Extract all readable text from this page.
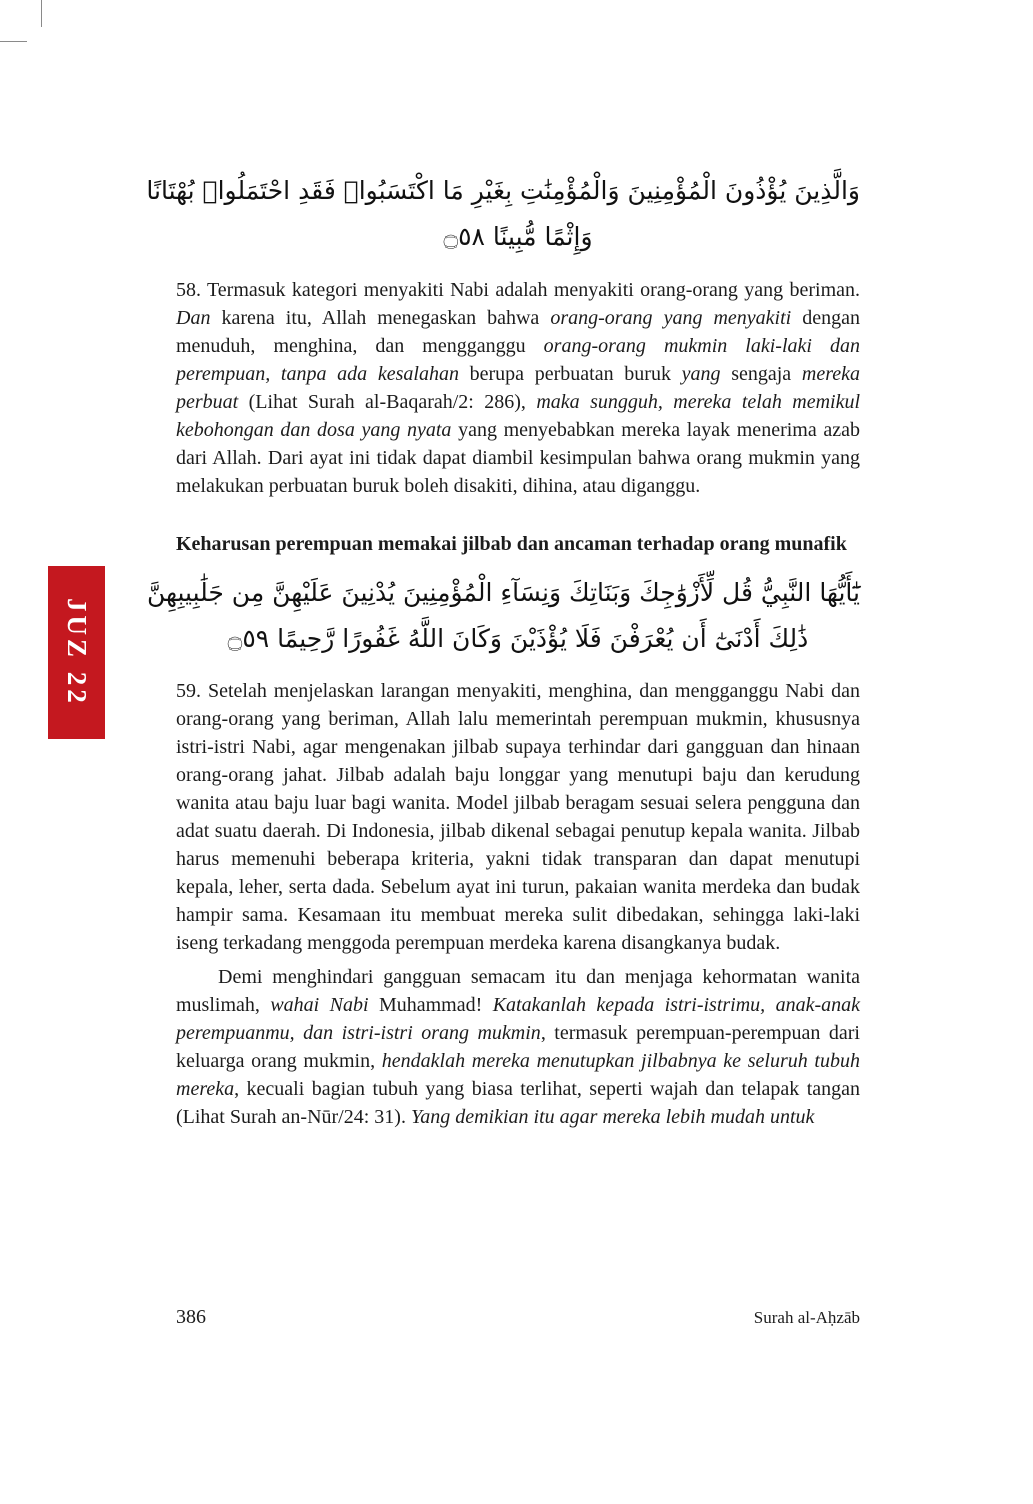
JUZ 22
وَالَّذِينَ يُؤْذُونَ الْمُؤْمِنِينَ وَالْمُؤْمِنَٰتِ بِغَيْرِ مَا اكْتَسَبُوا۟ فَقَدِ احْتَمَلُوا۟ بُهْتَانًا
وَإِثْمًا مُّبِينًا ۝٥٨

58. Termasuk kategori menyakiti Nabi adalah menyakiti orang-orang yang beriman. Dan karena itu, Allah menegaskan bahwa orang-orang yang menyakiti dengan menuduh, menghina, dan mengganggu orang-orang mukmin laki-laki dan perempuan, tanpa ada kesalahan berupa perbuatan buruk yang sengaja mereka perbuat (Lihat Surah al-Baqarah/2: 286), maka sungguh, mereka telah memikul kebohongan dan dosa yang nyata yang menyebabkan mereka layak menerima azab dari Allah. Dari ayat ini tidak dapat diambil kesimpulan bahwa orang mukmin yang melakukan perbuatan buruk boleh disakiti, dihina, atau diganggu.

Keharusan perempuan memakai jilbab dan ancaman terhadap orang munafik
يَٰٓأَيُّهَا النَّبِيُّ قُل لِّأَزْوَٰجِكَ وَبَنَاتِكَ وَنِسَآءِ الْمُؤْمِنِينَ يُدْنِينَ عَلَيْهِنَّ مِن جَلَٰبِيبِهِنَّ
ذَٰلِكَ أَدْنَىٰٓ أَن يُعْرَفْنَ فَلَا يُؤْذَيْنَ وَكَانَ اللَّهُ غَفُورًا رَّحِيمًا ۝٥٩

59. Setelah menjelaskan larangan menyakiti, menghina, dan mengganggu Nabi dan orang-orang yang beriman, Allah lalu memerintah perempuan mukmin, khususnya istri-istri Nabi, agar mengenakan jilbab supaya terhindar dari gangguan dan hinaan orang-orang jahat. Jilbab adalah baju longgar yang menutupi baju dan kerudung wanita atau baju luar bagi wanita. Model jilbab beragam sesuai selera pengguna dan adat suatu daerah. Di Indonesia, jilbab dikenal sebagai penutup kepala wanita. Jilbab harus memenuhi beberapa kriteria, yakni tidak transparan dan dapat menutupi kepala, leher, serta dada. Sebelum ayat ini turun, pakaian wanita merdeka dan budak hampir sama. Kesamaan itu membuat mereka sulit dibedakan, sehingga laki-laki iseng terkadang menggoda perempuan merdeka karena disangkanya budak.

Demi menghindari gangguan semacam itu dan menjaga kehormatan wanita muslimah, wahai Nabi Muhammad! Katakanlah kepada istri-istrimu, anak-anak perempuanmu, dan istri-istri orang mukmin, termasuk perempuan-perempuan dari keluarga orang mukmin, hendaklah mereka menutupkan jilbabnya ke seluruh tubuh mereka, kecuali bagian tubuh yang biasa terlihat, seperti wajah dan telapak tangan (Lihat Surah an-Nūr/24: 31). Yang demikian itu agar mereka lebih mudah untuk

386	Surah al-Aḥzāb
